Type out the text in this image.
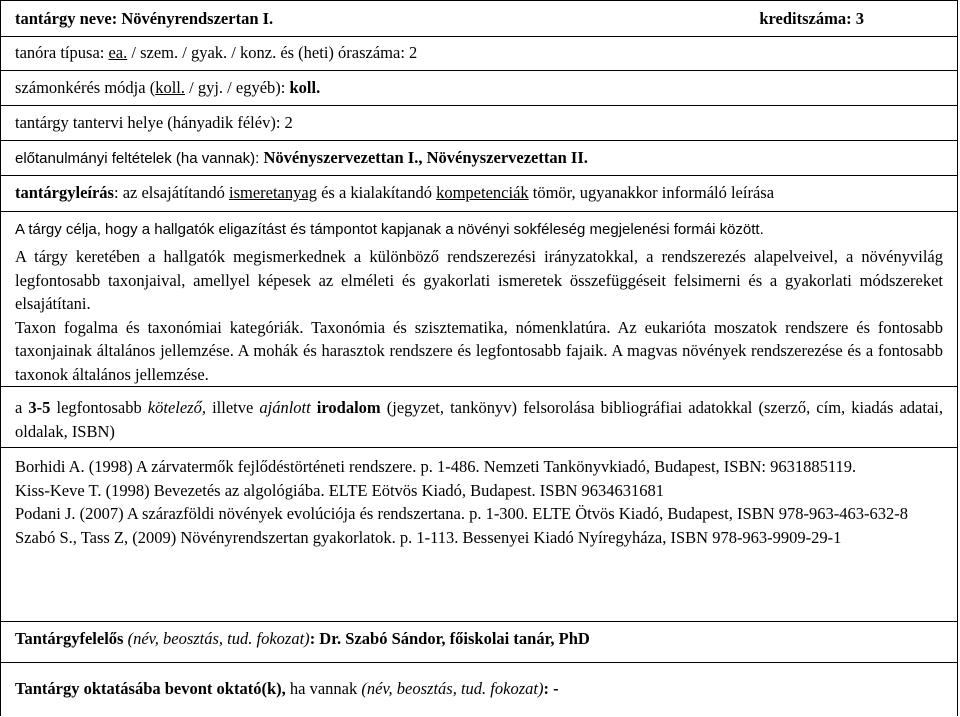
tantárgy neve: Növényrendszertan I.	kreditszáma: 3
tanóra típusa: ea. / szem. / gyak. / konz. és (heti) óraszáma: 2
számonkérés módja (koll. / gyj. / egyéb): koll.
tantárgy tantervi helye (hányadik félév): 2
előtanulmányi feltételek (ha vannak): Növényszervezettan I., Növényszervezettan II.
tantárgyleírás: az elsajátítandó ismeretanyag és a kialakítandó kompetenciák tömör, ugyanakkor informáló leírása
A tárgy célja, hogy a hallgatók eligazítást és támpontot kapjanak a növényi sokféleség megjelenési formái között.
A tárgy keretében a hallgatók megismerkednek a különböző rendszerezési irányzatokkal, a rendszerezés alapelveivel, a növényvilág legfontosabb taxonjaival, amellyel képesek az elméleti és gyakorlati ismeretek összefüggéseit felsimerni és a gyakorlati módszereket elsajátítani.
Taxon fogalma és taxonómiai kategóriák. Taxonómia és szisztematika, nómenklatúra. Az eukarióta moszatok rendszere és fontosabb taxonjainak általános jellemzése. A mohák és harasztok rendszere és legfontosabb fajaik. A magvas növények rendszerezése és a fontosabb taxonok általános jellemzése.
a 3-5 legfontosabb kötelező, illetve ajánlott irodalom (jegyzet, tankönyv) felsorolása bibliográfiai adatokkal (szerző, cím, kiadás adatai, oldalak, ISBN)
Borhidi A. (1998) A zárvatermők fejlődéstörténeti rendszere. p. 1-486. Nemzeti Tankönyvkiadó, Budapest, ISBN: 9631885119.
Kiss-Keve T. (1998) Bevezetés az algológiába. ELTE Eötvös Kiadó, Budapest. ISBN 9634631681
Podani J. (2007) A szárazföldi növények evolúciója és rendszertana. p. 1-300. ELTE Ötvös Kiadó, Budapest, ISBN 978-963-463-632-8
Szabó S., Tass Z, (2009) Növényrendszertan gyakorlatok. p. 1-113. Bessenyei Kiadó Nyíregyháza, ISBN 978-963-9909-29-1
Tantárgyfelelős (név, beosztás, tud. fokozat): Dr. Szabó Sándor, főiskolai tanár, PhD
Tantárgy oktatásába bevont oktató(k), ha vannak (név, beosztás, tud. fokozat): -
